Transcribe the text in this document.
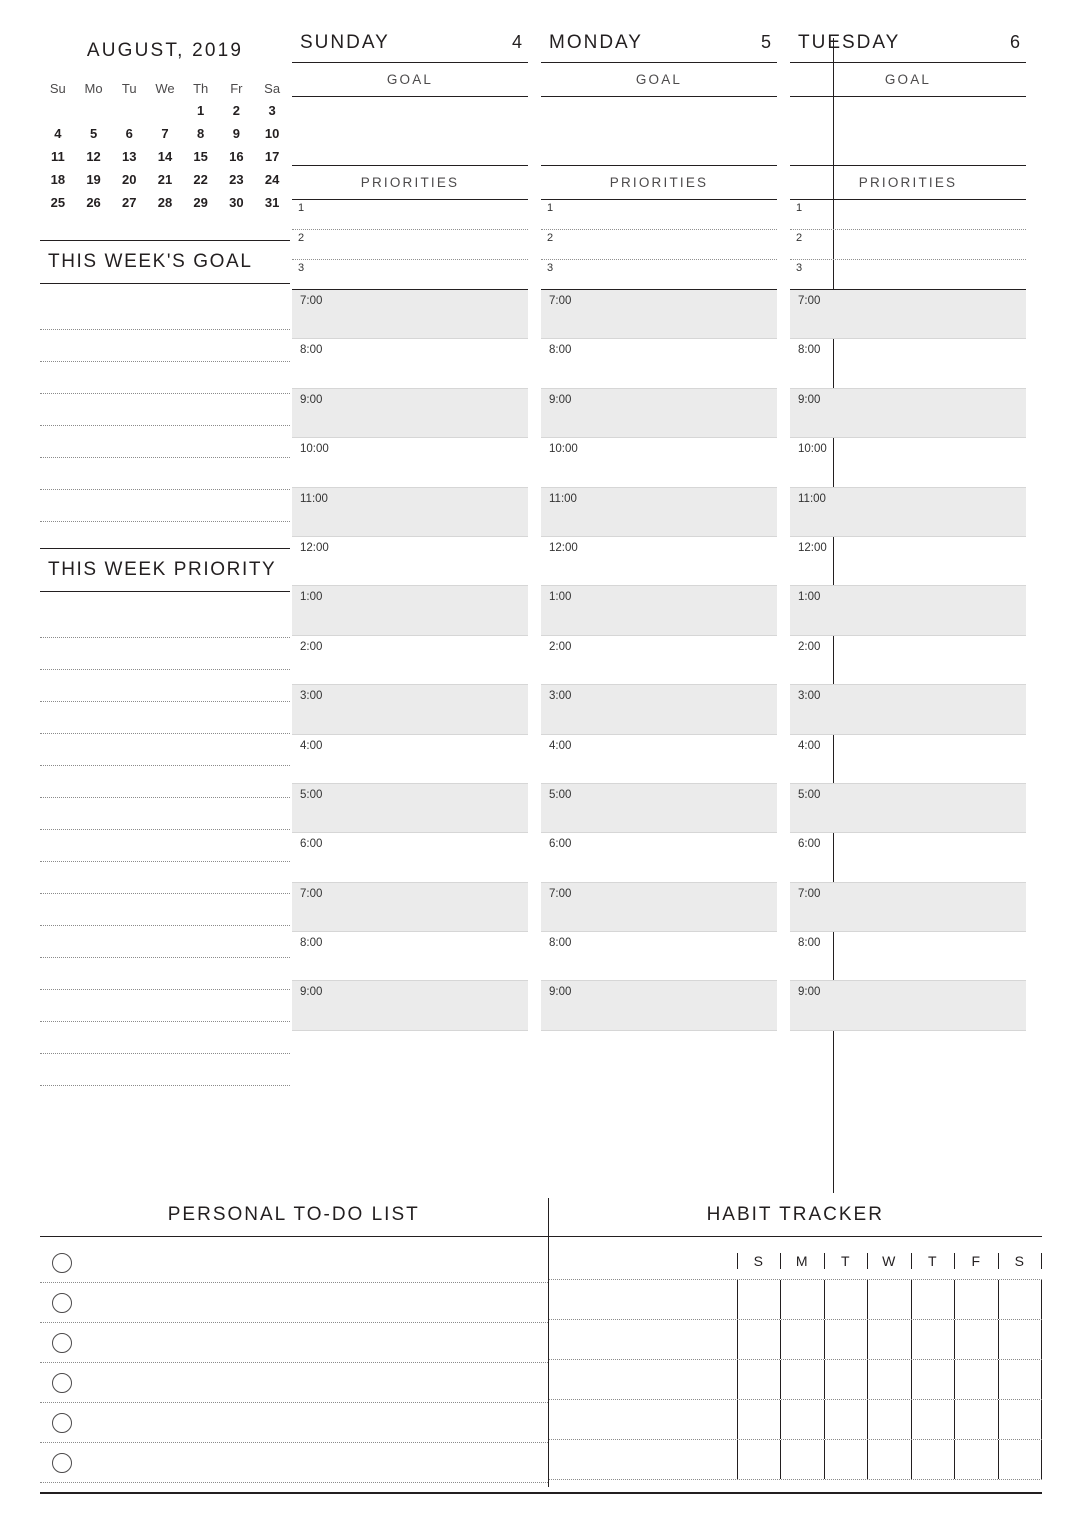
AUGUST, 2019
Su	Mo	Tu	We	Th	Fr	Sa
				1	2	3
4	5	6	7	8	9	10
11	12	13	14	15	16	17
18	19	20	21	22	23	24
25	26	27	28	29	30	31
THIS WEEK'S GOAL
THIS WEEK PRIORITY
SUNDAY	4
GOAL
PRIORITIES
1
2
3
7:00
8:00
9:00
10:00
11:00
12:00
1:00
2:00
3:00
4:00
5:00
6:00
7:00
8:00
9:00
MONDAY	5
GOAL
PRIORITIES
1
2
3
7:00
8:00
9:00
10:00
11:00
12:00
1:00
2:00
3:00
4:00
5:00
6:00
7:00
8:00
9:00
TUESDAY	6
GOAL
PRIORITIES
1
2
3
7:00
8:00
9:00
10:00
11:00
12:00
1:00
2:00
3:00
4:00
5:00
6:00
7:00
8:00
9:00
PERSONAL TO-DO LIST	HABIT TRACKER
S	M	T	W	T	F	S
